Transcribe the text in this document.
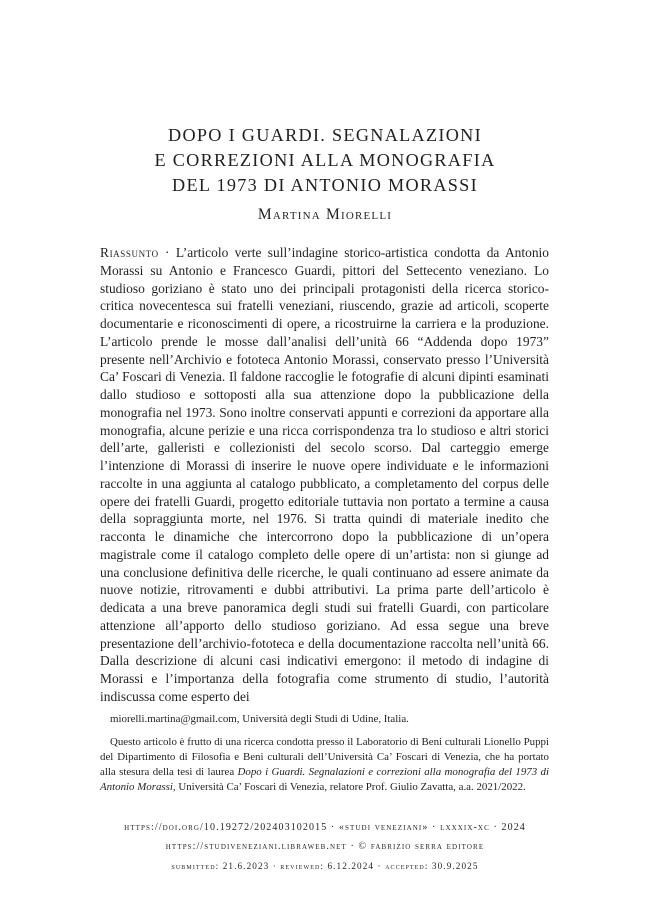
DOPO I GUARDI. SEGNALAZIONI
E CORREZIONI ALLA MONOGRAFIA
DEL 1973 DI ANTONIO MORASSI
Martina Miorelli
Riassunto · L’articolo verte sull’indagine storico-artistica condotta da Antonio Morassi su Antonio e Francesco Guardi, pittori del Settecento veneziano. Lo studioso goriziano è stato uno dei principali protagonisti della ricerca storico-critica novecentesca sui fratelli veneziani, riuscendo, grazie ad articoli, scoperte documentarie e riconoscimenti di opere, a ricostruirne la carriera e la produzione. L’articolo prende le mosse dall’analisi dell’unità 66 “Addenda dopo 1973” presente nell’Archivio e fototeca Antonio Morassi, conservato presso l’Università Ca’ Foscari di Venezia. Il faldone raccoglie le fotografie di alcuni dipinti esaminati dallo studioso e sottoposti alla sua attenzione dopo la pubblicazione della monografia nel 1973. Sono inoltre conservati appunti e correzioni da apportare alla monografia, alcune perizie e una ricca corrispondenza tra lo studioso e altri storici dell’arte, galleristi e collezionisti del secolo scorso. Dal carteggio emerge l’intenzione di Morassi di inserire le nuove opere individuate e le informazioni raccolte in una aggiunta al catalogo pubblicato, a completamento del corpus delle opere dei fratelli Guardi, progetto editoriale tuttavia non portato a termine a causa della sopraggiunta morte, nel 1976. Si tratta quindi di materiale inedito che racconta le dinamiche che intercorrono dopo la pubblicazione di un’opera magistrale come il catalogo completo delle opere di un’artista: non si giunge ad una conclusione definitiva delle ricerche, le quali continuano ad essere animate da nuove notizie, ritrovamenti e dubbi attributivi. La prima parte dell’articolo è dedicata a una breve panoramica degli studi sui fratelli Guardi, con particolare attenzione all’apporto dello studioso goriziano. Ad essa segue una breve presentazione dell’archivio-fototeca e della documentazione raccolta nell’unità 66. Dalla descrizione di alcuni casi indicativi emergono: il metodo di indagine di Morassi e l’importanza della fotografia come strumento di studio, l’autorità indiscussa come esperto dei
miorelli.martina@gmail.com, Università degli Studi di Udine, Italia.
Questo articolo è frutto di una ricerca condotta presso il Laboratorio di Beni culturali Lionello Puppi del Dipartimento di Filosofia e Beni culturali dell’Università Ca’ Foscari di Venezia, che ha portato alla stesura della tesi di laurea Dopo i Guardi. Segnalazioni e correzioni alla monografia del 1973 di Antonio Morassi, Università Ca’ Foscari di Venezia, relatore Prof. Giulio Zavatta, a.a. 2021/2022.
https://doi.org/10.19272/202403102015 · «studi veneziani» · lxxxix-xc · 2024
https://studiveneziani.libraweb.net · © fabrizio serra editore
submitted: 21.6.2023 · reviewed: 6.12.2024 · accepted: 30.9.2025
